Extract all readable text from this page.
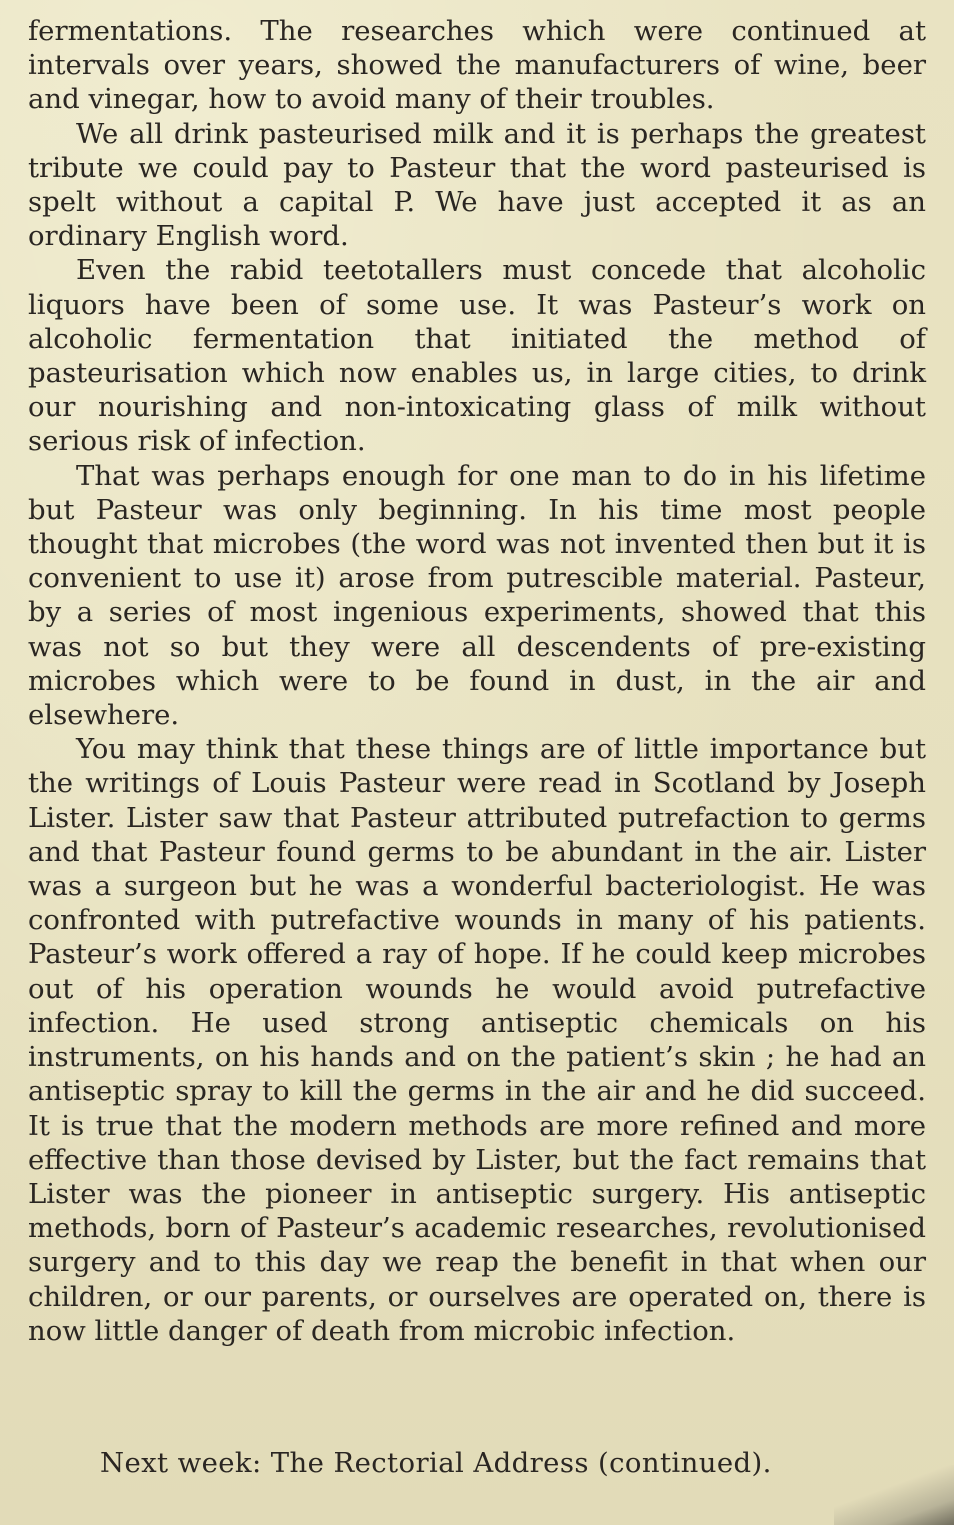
fermentations. The researches which were continued at intervals over years, showed the manufacturers of wine, beer and vinegar, how to avoid many of their troubles.

We all drink pasteurised milk and it is perhaps the greatest tribute we could pay to Pasteur that the word pasteurised is spelt without a capital P. We have just accepted it as an ordinary English word.

Even the rabid teetotallers must concede that alcoholic liquors have been of some use. It was Pasteur’s work on alcoholic fermentation that initiated the method of pasteurisation which now enables us, in large cities, to drink our nourishing and non-intoxicating glass of milk without serious risk of infection.

That was perhaps enough for one man to do in his lifetime but Pasteur was only beginning. In his time most people thought that microbes (the word was not invented then but it is convenient to use it) arose from putrescible material. Pasteur, by a series of most ingenious experiments, showed that this was not so but they were all descendents of pre-existing microbes which were to be found in dust, in the air and elsewhere.

You may think that these things are of little importance but the writings of Louis Pasteur were read in Scotland by Joseph Lister. Lister saw that Pasteur attributed putrefaction to germs and that Pasteur found germs to be abundant in the air. Lister was a surgeon but he was a wonderful bacteriologist. He was confronted with putrefactive wounds in many of his patients. Pasteur’s work offered a ray of hope. If he could keep microbes out of his operation wounds he would avoid putrefactive infection. He used strong antiseptic chemicals on his instruments, on his hands and on the patient’s skin ; he had an antiseptic spray to kill the germs in the air and he did succeed. It is true that the modern methods are more refined and more effective than those devised by Lister, but the fact remains that Lister was the pioneer in antiseptic surgery. His antiseptic methods, born of Pasteur’s academic researches, revolutionised surgery and to this day we reap the benefit in that when our children, or our parents, or ourselves are operated on, there is now little danger of death from microbic infection.

Next week: The Rectorial Address (continued).
